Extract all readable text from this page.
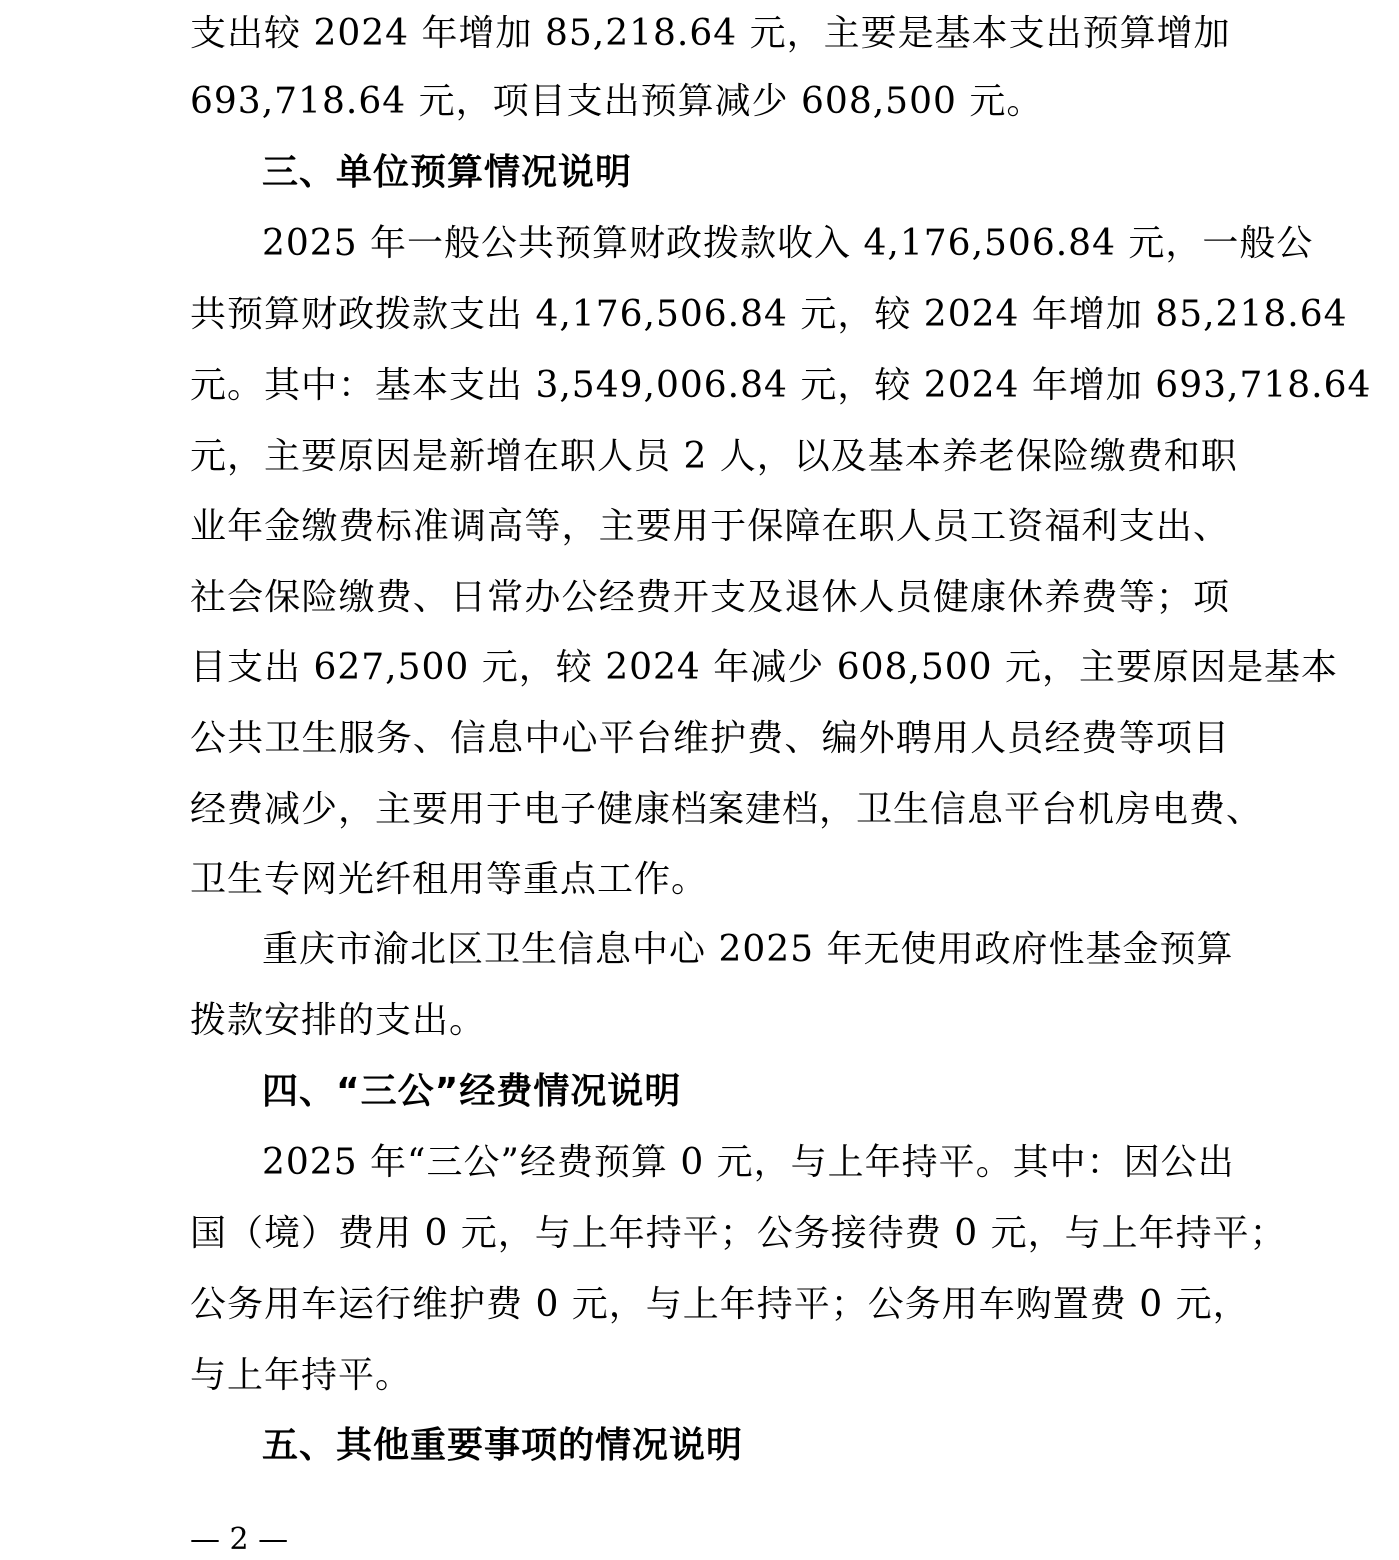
支出较 2024 年增加 85,218.64 元，主要是基本支出预算增加
693,718.64 元，项目支出预算减少 608,500 元。
三、单位预算情况说明
2025 年一般公共预算财政拨款收入 4,176,506.84 元，一般公
共预算财政拨款支出 4,176,506.84 元，较 2024 年增加 85,218.64
元。其中：基本支出 3,549,006.84 元，较 2024 年增加 693,718.64
元，主要原因是新增在职人员 2 人，以及基本养老保险缴费和职
业年金缴费标准调高等，主要用于保障在职人员工资福利支出、
社会保险缴费、日常办公经费开支及退休人员健康休养费等；项
目支出 627,500 元，较 2024 年减少 608,500 元，主要原因是基本
公共卫生服务、信息中心平台维护费、编外聘用人员经费等项目
经费减少，主要用于电子健康档案建档，卫生信息平台机房电费、
卫生专网光纤租用等重点工作。
重庆市渝北区卫生信息中心 2025 年无使用政府性基金预算
拨款安排的支出。
四、“三公”经费情况说明
2025 年“三公”经费预算 0 元，与上年持平。其中：因公出
国（境）费用 0 元，与上年持平；公务接待费 0 元，与上年持平；
公务用车运行维护费 0 元，与上年持平；公务用车购置费 0 元，
与上年持平。
五、其他重要事项的情况说明
— 2 —
